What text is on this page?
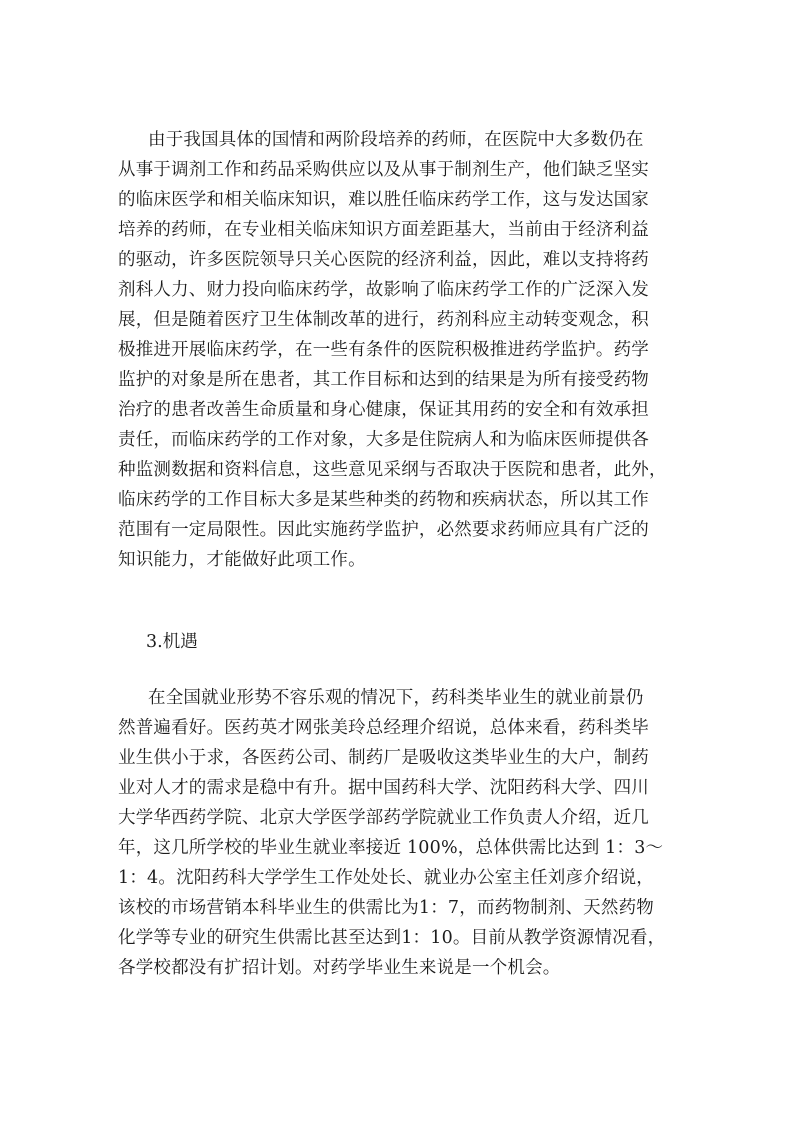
由于我国具体的国情和两阶段培养的药师，在医院中大多数仍在
从事于调剂工作和药品采购供应以及从事于制剂生产，他们缺乏坚实
的临床医学和相关临床知识，难以胜任临床药学工作，这与发达国家
培养的药师，在专业相关临床知识方面差距基大，当前由于经济利益
的驱动，许多医院领导只关心医院的经济利益，因此，难以支持将药
剂科人力、财力投向临床药学，故影响了临床药学工作的广泛深入发
展，但是随着医疗卫生体制改革的进行，药剂科应主动转变观念，积
极推进开展临床药学，在一些有条件的医院积极推进药学监护。药学
监护的对象是所在患者，其工作目标和达到的结果是为所有接受药物
治疗的患者改善生命质量和身心健康，保证其用药的安全和有效承担
责任，而临床药学的工作对象，大多是住院病人和为临床医师提供各
种监测数据和资料信息，这些意见采纲与否取决于医院和患者，此外，
临床药学的工作目标大多是某些种类的药物和疾病状态，所以其工作
范围有一定局限性。因此实施药学监护，必然要求药师应具有广泛的
知识能力，才能做好此项工作。
3.机遇
在全国就业形势不容乐观的情况下，药科类毕业生的就业前景仍
然普遍看好。医药英才网张美玲总经理介绍说，总体来看，药科类毕
业生供小于求，各医药公司、制药厂是吸收这类毕业生的大户，制药
业对人才的需求是稳中有升。据中国药科大学、沈阳药科大学、四川
大学华西药学院、北京大学医学部药学院就业工作负责人介绍，近几
年，这几所学校的毕业生就业率接近 100%，总体供需比达到 1：3～
1：4。沈阳药科大学学生工作处处长、就业办公室主任刘彦介绍说，
该校的市场营销本科毕业生的供需比为1：7，而药物制剂、天然药物
化学等专业的研究生供需比甚至达到1：10。目前从教学资源情况看，
各学校都没有扩招计划。对药学毕业生来说是一个机会。
